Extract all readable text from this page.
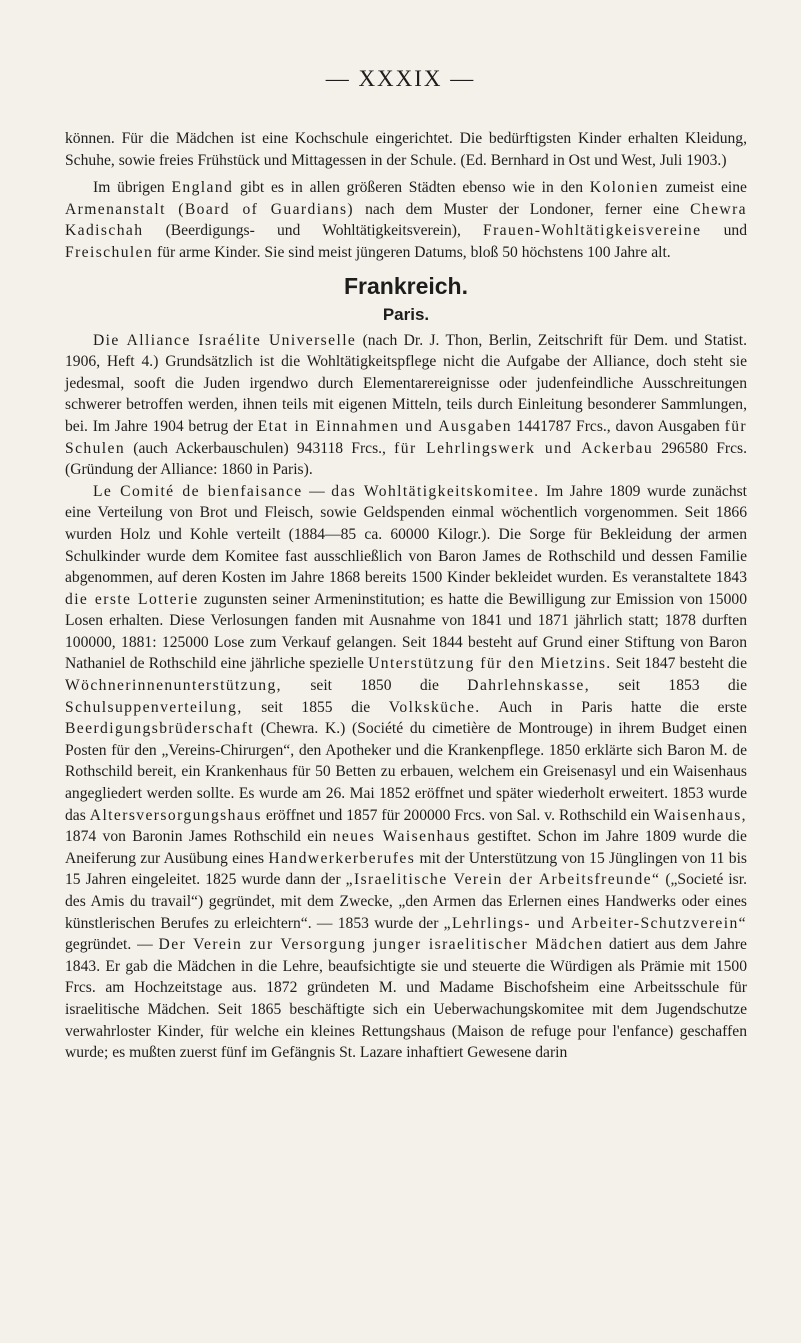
— XXXIX —

können. Für die Mädchen ist eine Kochschule eingerichtet. Die bedürftigsten Kinder erhalten Kleidung, Schuhe, sowie freies Frühstück und Mittagessen in der Schule. (Ed. Bernhard in Ost und West, Juli 1903.)

Im übrigen England gibt es in allen größeren Städten ebenso wie in den Kolonien zumeist eine Armenanstalt (Board of Guardians) nach dem Muster der Londoner, ferner eine Chewra Kadischah (Beerdigungs- und Wohltätigkeitsverein), Frauen-Wohltätigkeisvereine und Freischulen für arme Kinder. Sie sind meist jüngeren Datums, bloß 50 höchstens 100 Jahre alt.

Frankreich.
Paris.

Die Alliance Israélite Universelle (nach Dr. J. Thon, Berlin, Zeitschrift für Dem. und Statist. 1906, Heft 4.) Grundsätzlich ist die Wohltätigkeitspflege nicht die Aufgabe der Alliance, doch steht sie jedesmal, sooft die Juden irgendwo durch Elementarereignisse oder judenfeindliche Ausschreitungen schwerer betroffen werden, ihnen teils mit eigenen Mitteln, teils durch Einleitung besonderer Sammlungen, bei. Im Jahre 1904 betrug der Etat in Einnahmen und Ausgaben 1441787 Frcs., davon Ausgaben für Schulen (auch Ackerbauschulen) 943118 Frcs., für Lehrlingswerk und Ackerbau 296580 Frcs. (Gründung der Alliance: 1860 in Paris).

Le Comité de bienfaisance — das Wohltätigkeitskomitee. Im Jahre 1809 wurde zunächst eine Verteilung von Brot und Fleisch, sowie Geldspenden einmal wöchentlich vorgenommen. Seit 1866 wurden Holz und Kohle verteilt (1884—85 ca. 60000 Kilogr.). Die Sorge für Bekleidung der armen Schulkinder wurde dem Komitee fast ausschließlich von Baron James de Rothschild und dessen Familie abgenommen, auf deren Kosten im Jahre 1868 bereits 1500 Kinder bekleidet wurden. Es veranstaltete 1843 die erste Lotterie zugunsten seiner Armeninstitution; es hatte die Bewilligung zur Emission von 15000 Losen erhalten. Diese Verlosungen fanden mit Ausnahme von 1841 und 1871 jährlich statt; 1878 durften 100000, 1881: 125000 Lose zum Verkauf gelangen. Seit 1844 besteht auf Grund einer Stiftung von Baron Nathaniel de Rothschild eine jährliche spezielle Unterstützung für den Mietzins. Seit 1847 besteht die Wöchnerinnenunterstützung, seit 1850 die Dahrlehnskasse, seit 1853 die Schulsuppenverteilung, seit 1855 die Volksküche. Auch in Paris hatte die erste Beerdigungsbrüderschaft (Chewra. K.) (Société du cimetière de Montrouge) in ihrem Budget einen Posten für den „Vereins-Chirurgen“, den Apotheker und die Krankenpflege. 1850 erklärte sich Baron M. de Rothschild bereit, ein Krankenhaus für 50 Betten zu erbauen, welchem ein Greisenasyl und ein Waisenhaus angegliedert werden sollte. Es wurde am 26. Mai 1852 eröffnet und später wiederholt erweitert. 1853 wurde das Altersversorgungshaus eröffnet und 1857 für 200000 Frcs. von Sal. v. Rothschild ein Waisenhaus, 1874 von Baronin James Rothschild ein neues Waisenhaus gestiftet. Schon im Jahre 1809 wurde die Aneiferung zur Ausübung eines Handwerkerberufes mit der Unterstützung von 15 Jünglingen von 11 bis 15 Jahren eingeleitet. 1825 wurde dann der „Israelitische Verein der Arbeitsfreunde“ („Societé isr. des Amis du travail“) gegründet, mit dem Zwecke, „den Armen das Erlernen eines Handwerks oder eines künstlerischen Berufes zu erleichtern“. — 1853 wurde der „Lehrlings- und Arbeiter-Schutzverein“ gegründet. — Der Verein zur Versorgung junger israelitischer Mädchen datiert aus dem Jahre 1843. Er gab die Mädchen in die Lehre, beaufsichtigte sie und steuerte die Würdigen als Prämie mit 1500 Frcs. am Hochzeitstage aus. 1872 gründeten M. und Madame Bischofsheim eine Arbeitsschule für israelitische Mädchen. Seit 1865 beschäftigte sich ein Ueberwachungskomitee mit dem Jugendschutze verwahrloster Kinder, für welche ein kleines Rettungshaus (Maison de refuge pour l'enfance) geschaffen wurde; es mußten zuerst fünf im Gefängnis St. Lazare inhaftiert Gewesene darin
